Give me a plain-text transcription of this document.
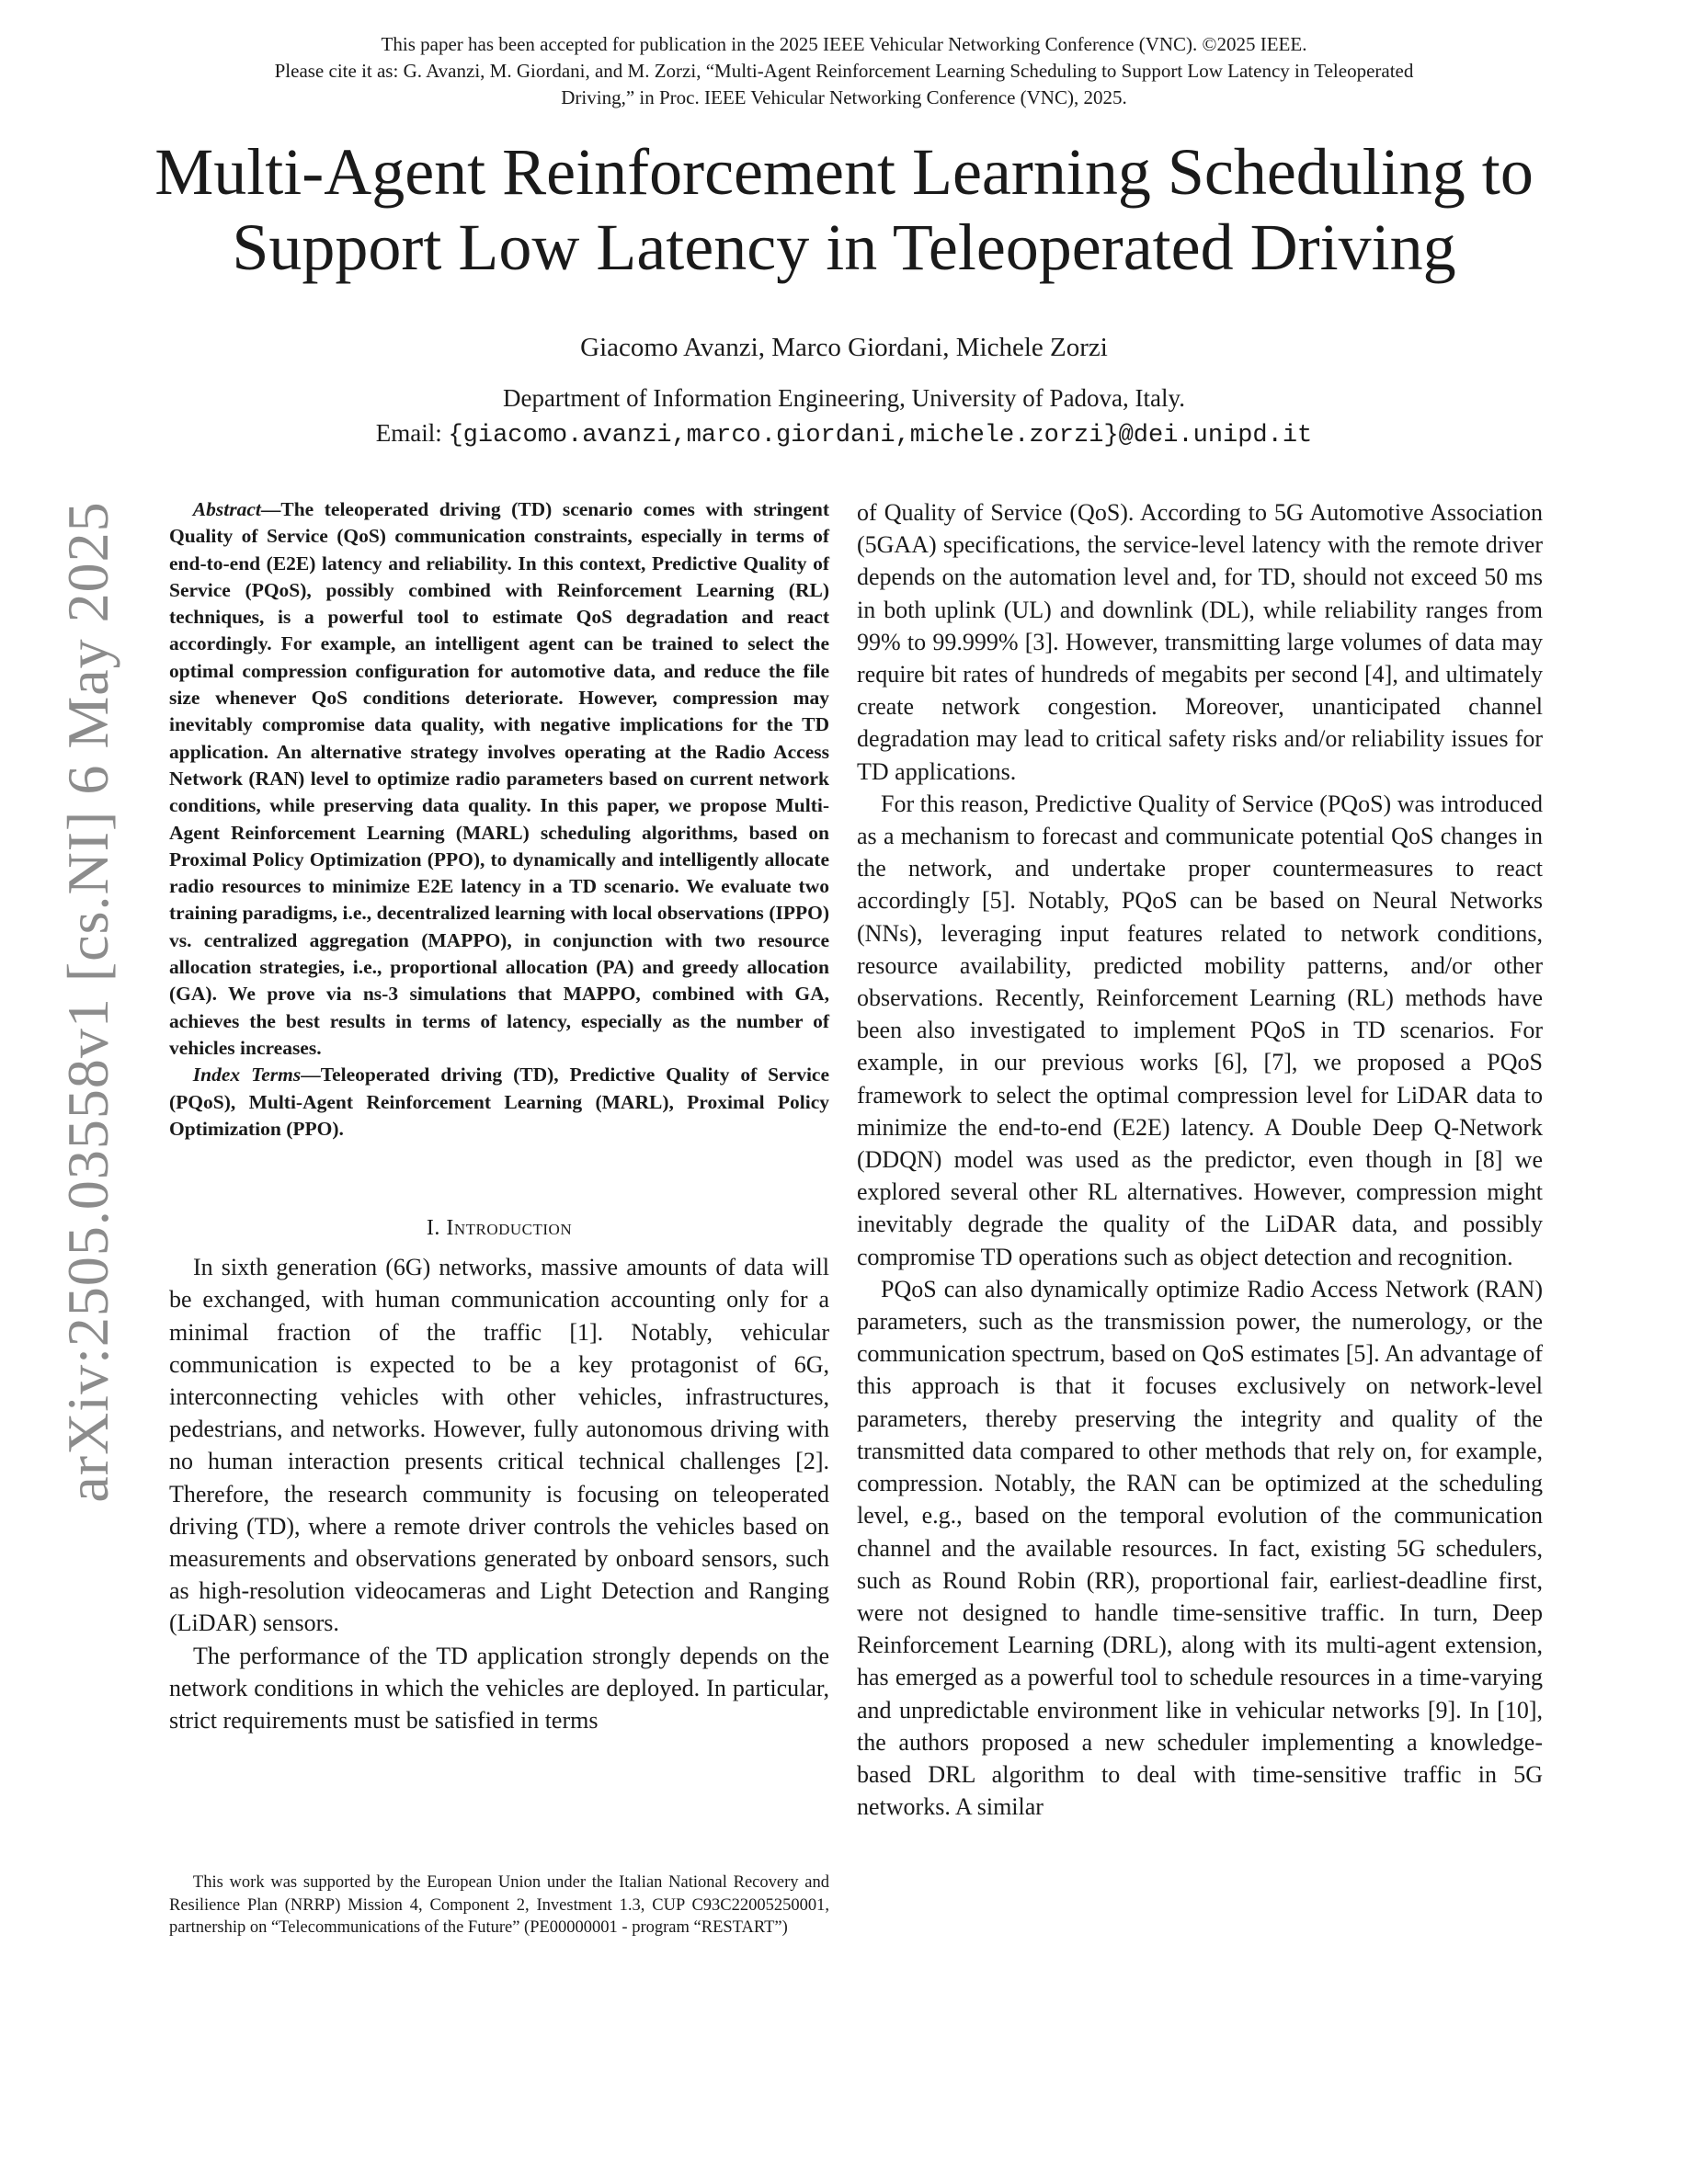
This paper has been accepted for publication in the 2025 IEEE Vehicular Networking Conference (VNC). ©2025 IEEE.
Please cite it as: G. Avanzi, M. Giordani, and M. Zorzi, “Multi-Agent Reinforcement Learning Scheduling to Support Low Latency in Teleoperated
Driving,” in Proc. IEEE Vehicular Networking Conference (VNC), 2025.
Multi-Agent Reinforcement Learning Scheduling to
Support Low Latency in Teleoperated Driving
Giacomo Avanzi, Marco Giordani, Michele Zorzi
Department of Information Engineering, University of Padova, Italy.
Email: {giacomo.avanzi,marco.giordani,michele.zorzi}@dei.unipd.it
arXiv:2505.03558v1 [cs.NI] 6 May 2025	Abstract—The teleoperated driving (TD) scenario comes with stringent Quality of Service (QoS) communication constraints, especially in terms of end-to-end (E2E) latency and reliability. In this context, Predictive Quality of Service (PQoS), possibly combined with Reinforcement Learning (RL) techniques, is a powerful tool to estimate QoS degradation and react accordingly. For example, an intelligent agent can be trained to select the optimal compression configuration for automotive data, and reduce the file size whenever QoS conditions deteriorate. However, compression may inevitably compromise data quality, with negative implications for the TD application. An alternative strategy involves operating at the Radio Access Network (RAN) level to optimize radio parameters based on current network conditions, while preserving data quality. In this paper, we propose Multi-Agent Reinforcement Learning (MARL) scheduling algorithms, based on Proximal Policy Optimization (PPO), to dynamically and intelligently allocate radio resources to minimize E2E latency in a TD scenario. We evaluate two training paradigms, i.e., decentralized learning with local observations (IPPO) vs. centralized aggregation (MAPPO), in conjunction with two resource allocation strategies, i.e., proportional allocation (PA) and greedy allocation (GA). We prove via ns-3 simulations that MAPPO, combined with GA, achieves the best results in terms of latency, especially as the number of vehicles increases.

Index Terms—Teleoperated driving (TD), Predictive Quality of Service (PQoS), Multi-Agent Reinforcement Learning (MARL), Proximal Policy Optimization (PPO).

I. Introduction

In sixth generation (6G) networks, massive amounts of data will be exchanged, with human communication accounting only for a minimal fraction of the traffic [1]. Notably, vehicular communication is expected to be a key protagonist of 6G, interconnecting vehicles with other vehicles, infrastructures, pedestrians, and networks. However, fully autonomous driving with no human interaction presents critical technical challenges [2]. Therefore, the research community is focusing on teleoperated driving (TD), where a remote driver controls the vehicles based on measurements and observations generated by onboard sensors, such as high-resolution videocameras and Light Detection and Ranging (LiDAR) sensors.

The performance of the TD application strongly depends on the network conditions in which the vehicles are deployed. In particular, strict requirements must be satisfied in terms

This work was supported by the European Union under the Italian National Recovery and Resilience Plan (NRRP) Mission 4, Component 2, Investment 1.3, CUP C93C22005250001, partnership on “Telecommunications of the Future” (PE00000001 - program “RESTART”)

of Quality of Service (QoS). According to 5G Automotive Association (5GAA) specifications, the service-level latency with the remote driver depends on the automation level and, for TD, should not exceed 50 ms in both uplink (UL) and downlink (DL), while reliability ranges from 99% to 99.999% [3]. However, transmitting large volumes of data may require bit rates of hundreds of megabits per second [4], and ultimately create network congestion. Moreover, unanticipated channel degradation may lead to critical safety risks and/or reliability issues for TD applications.

For this reason, Predictive Quality of Service (PQoS) was introduced as a mechanism to forecast and communicate potential QoS changes in the network, and undertake proper countermeasures to react accordingly [5]. Notably, PQoS can be based on Neural Networks (NNs), leveraging input features related to network conditions, resource availability, predicted mobility patterns, and/or other observations. Recently, Reinforcement Learning (RL) methods have been also investigated to implement PQoS in TD scenarios. For example, in our previous works [6], [7], we proposed a PQoS framework to select the optimal compression level for LiDAR data to minimize the end-to-end (E2E) latency. A Double Deep Q-Network (DDQN) model was used as the predictor, even though in [8] we explored several other RL alternatives. However, compression might inevitably degrade the quality of the LiDAR data, and possibly compromise TD operations such as object detection and recognition.

PQoS can also dynamically optimize Radio Access Network (RAN) parameters, such as the transmission power, the numerology, or the communication spectrum, based on QoS estimates [5]. An advantage of this approach is that it focuses exclusively on network-level parameters, thereby preserving the integrity and quality of the transmitted data compared to other methods that rely on, for example, compression. Notably, the RAN can be optimized at the scheduling level, e.g., based on the temporal evolution of the communication channel and the available resources. In fact, existing 5G schedulers, such as Round Robin (RR), proportional fair, earliest-deadline first, were not designed to handle time-sensitive traffic. In turn, Deep Reinforcement Learning (DRL), along with its multi-agent extension, has emerged as a powerful tool to schedule resources in a time-varying and unpredictable environment like in vehicular networks [9]. In [10], the authors proposed a new scheduler implementing a knowledge-based DRL algorithm to deal with time-sensitive traffic in 5G networks. A similar
